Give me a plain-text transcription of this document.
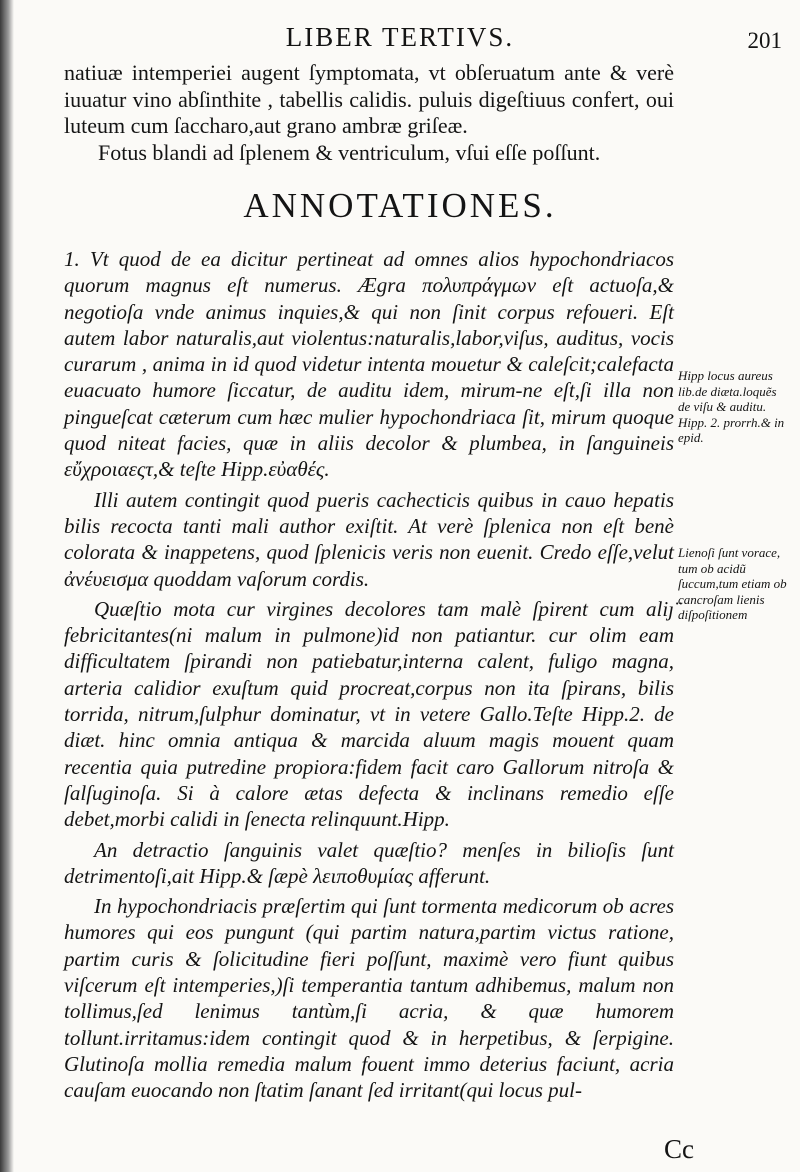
LIBER TERTIVS.	201

natiuæ intemperiei augent ſymptomata, vt obſeruatum ante & verè iuuatur vino abſinthite , tabellis calidis. puluis digeſtiuus confert, oui luteum cum ſaccharo,aut grano ambræ griſeæ.

Fotus blandi ad ſplenem & ventriculum, vſui eſſe poſſunt.

ANNOTATIONES.

1. Vt quod de ea dicitur pertineat ad omnes alios hypochondriacos quorum magnus eſt numerus. Ægra πολυπράγμων eſt actuoſa,& negotioſa vnde animus inquies,& qui non ſinit corpus refoueri. Eſt autem labor naturalis,aut violentus:naturalis,labor,viſus, auditus, vocis curarum , anima in id quod videtur intenta mouetur & caleſcit;calefacta euacuato humore ſiccatur, de auditu idem, mirum-ne eſt,ſi illa non pingueſcat cæterum cum hæc mulier hypochondriaca ſit, mirum quoque quod niteat facies, quæ in aliis decolor & plumbea, in ſanguineis εὔχροιαεςτ,& teſte Hipp.εὐαθές.

Illi autem contingit quod pueris cachecticis quibus in cauo hepatis bilis recocta tanti mali author exiſtit. At verè ſplenica non eſt benè colorata & inappetens, quod ſplenicis veris non euenit. Credo eſſe,velut ἀνέυεισμα quoddam vaſorum cordis.

Quæſtio mota cur virgines decolores tam malè ſpirent cum aliȷ̈ febricitantes(ni malum in pulmone)id non patiantur. cur olim eam difficultatem ſpirandi non patiebatur,interna calent, fuligo magna, arteria calidior exuſtum quid procreat,corpus non ita ſpirans, bilis torrida, nitrum,ſulphur dominatur, vt in vetere Gallo.Teſte Hipp.2. de diæt. hinc omnia antiqua & marcida aluum magis mouent quam recentia quia putredine propiora:fidem facit caro Gallorum nitroſa & ſalſuginoſa. Si à calore ætas defecta & inclinans remedio eſſe debet,morbi calidi in ſenecta relinquunt.Hipp.

An detractio ſanguinis valet quæſtio? menſes in bilioſis ſunt detrimentoſi,ait Hipp.& ſæpè λειποθυμίας afferunt.

In hypochondriacis præſertim qui ſunt tormenta medicorum ob acres humores qui eos pungunt (qui partim natura,partim victus ratione, partim curis & ſolicitudine fieri poſſunt, maximè vero fiunt quibus viſcerum eſt intemperies,)ſi temperantia tantum adhibemus, malum non tollimus,ſed lenimus tantùm,ſi acria, & quæ humorem tollunt.irritamus:idem contingit quod & in herpetibus, & ſerpigine. Glutinoſa mollia remedia malum fouent immo deterius faciunt, acria cauſam euocando non ſtatim ſanant ſed irritant(qui locus pul-

Hipp locus aureus lib.de diæta.loquẽs de viſu & auditu. Hipp. 2. prorrh.& in epid.
Lienoſi ſunt vorace, tum ob acidũ ſuccum,tum etiam ob cancroſam lienis diſpoſitionem
Cc
